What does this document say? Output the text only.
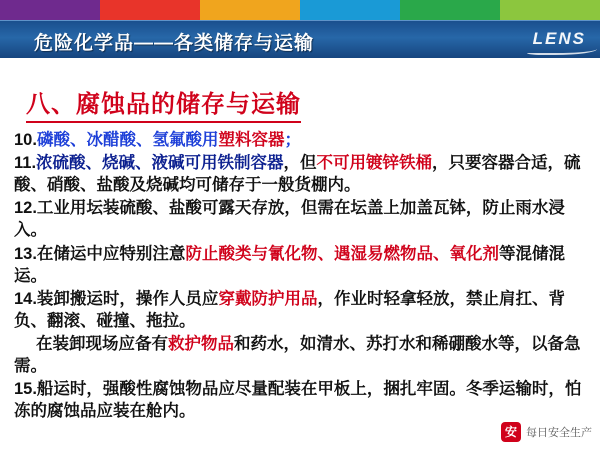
危险化学品——各类储存与运输	LENS
八、腐蚀品的储存与运输
10.磷酸、冰醋酸、氢氟酸用塑料容器；
11.浓硫酸、烧碱、液碱可用铁制容器，但不可用镀锌铁桶，只要容器合适，硫酸、硝酸、盐酸及烧碱均可储存于一般货棚内。
12.工业用坛装硫酸、盐酸可露天存放，但需在坛盖上加盖瓦钵，防止雨水浸入。
13.在储运中应特别注意防止酸类与氰化物、遇湿易燃物品、氧化剂等混储混运。
14.装卸搬运时，操作人员应穿戴防护用品，作业时轻拿轻放，禁止肩扛、背负、翻滚、碰撞、拖拉。
在装卸现场应备有救护物品和药水，如清水、苏打水和稀硼酸水等，以备急需。
15.船运时，强酸性腐蚀物品应尽量配装在甲板上，捆扎牢固。冬季运输时，怕冻的腐蚀品应装在舱内。
安 每日安全生产
